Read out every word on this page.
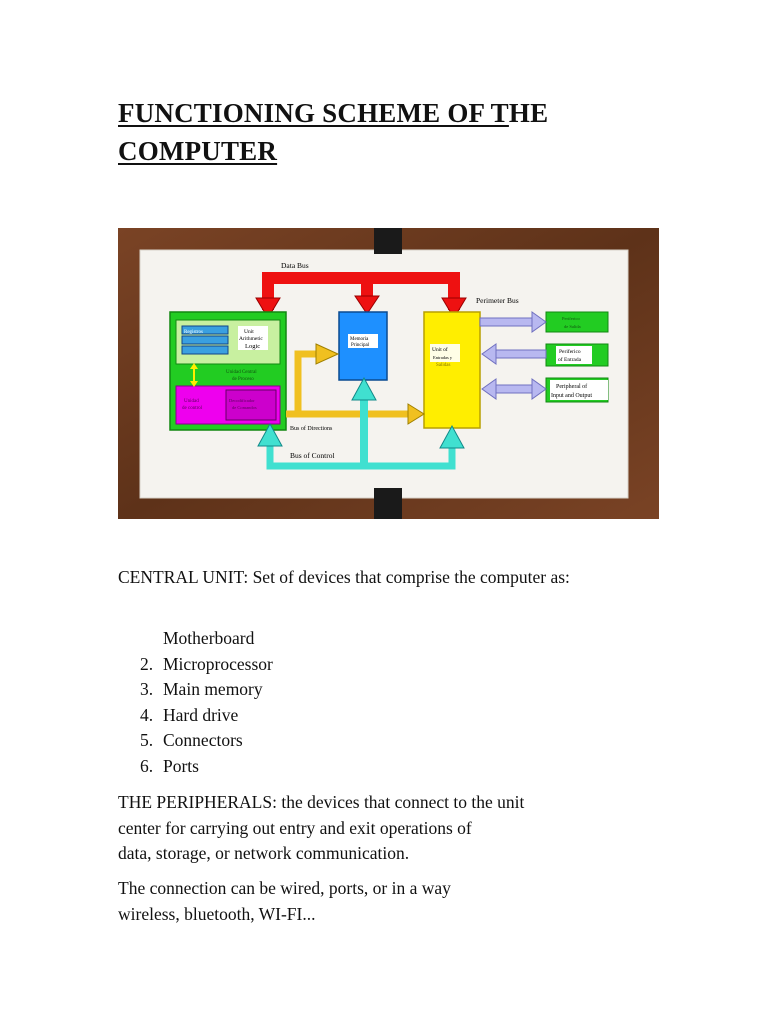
FUNCTIONING SCHEME OF THE
COMPUTER
Data Bus
Perimeter Bus
Registros	Unit
Arithmetic
Logic
Unidad Central
de Proceso
Unidad
de control
Decodificador
de Comandos
Memoria
Principal
Unit of
Entradas y
Salidas
Periferico
de Salida
Periferico
of Entrada
Peripheral of
Input and Output
Bus of Directions
Bus of Control

CENTRAL UNIT: Set of devices that comprise the computer as:

Motherboard
2. Microprocessor
3. Main memory
4. Hard drive
5. Connectors
6. Ports

THE PERIPHERALS: the devices that connect to the unit
center for carrying out entry and exit operations of
data, storage, or network communication.

The connection can be wired, ports, or in a way
wireless, bluetooth, WI-FI...
